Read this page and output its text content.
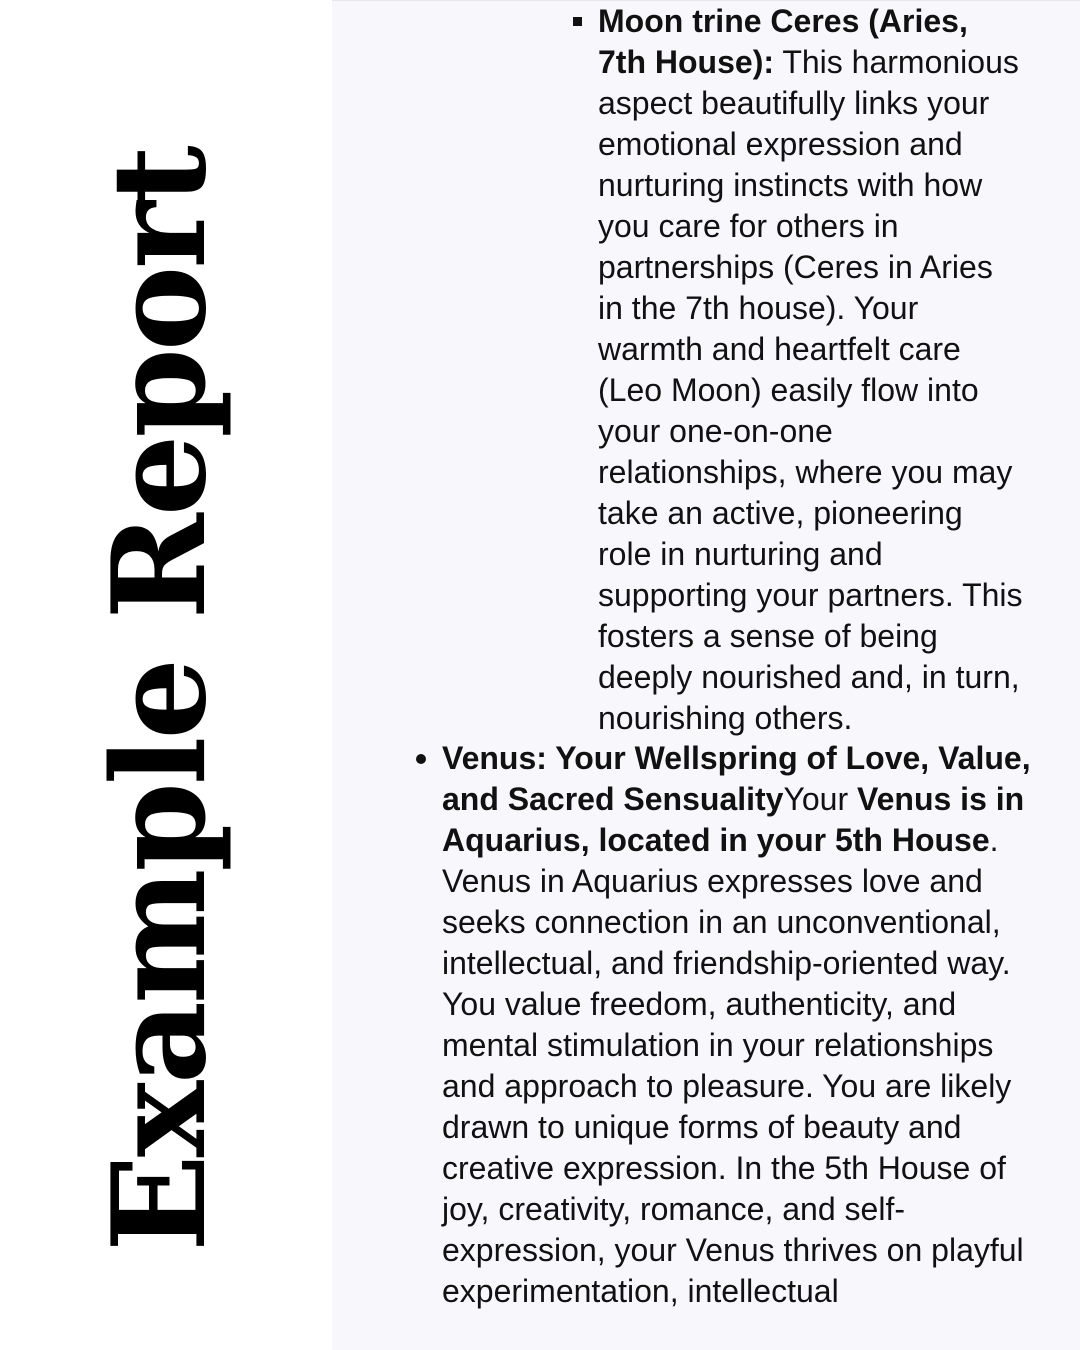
Example Report
Moon trine Ceres (Aries, 7th House): This harmonious aspect beautifully links your emotional expression and nurturing instincts with how you care for others in partnerships (Ceres in Aries in the 7th house). Your warmth and heartfelt care (Leo Moon) easily flow into your one-on-one relationships, where you may take an active, pioneering role in nurturing and supporting your partners. This fosters a sense of being deeply nourished and, in turn, nourishing others.
Venus: Your Wellspring of Love, Value, and Sacred SensualityYour Venus is in Aquarius, located in your 5th House. Venus in Aquarius expresses love and seeks connection in an unconventional, intellectual, and friendship-oriented way. You value freedom, authenticity, and mental stimulation in your relationships and approach to pleasure. You are likely drawn to unique forms of beauty and creative expression. In the 5th House of joy, creativity, romance, and self-expression, your Venus thrives on playful experimentation, intellectual
